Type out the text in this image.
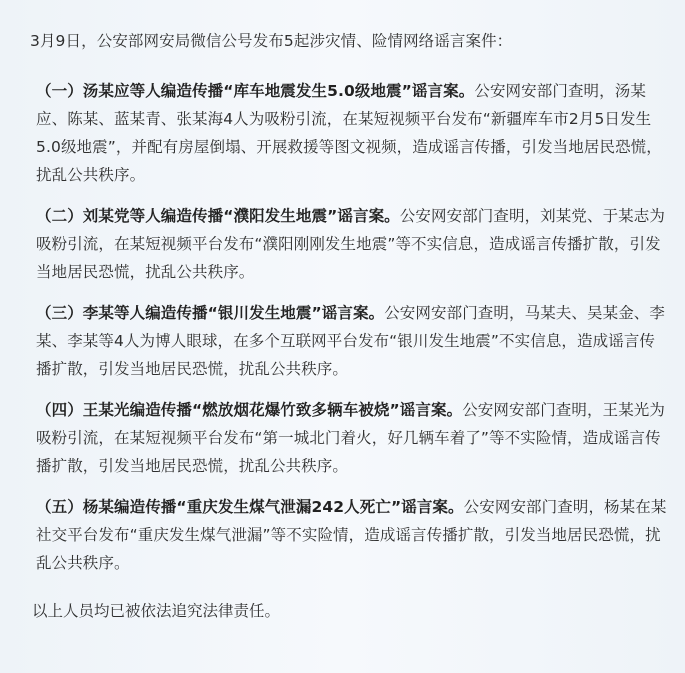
3月9日，公安部网安局微信公号发布5起涉灾情、险情网络谣言案件：

（一）汤某应等人编造传播“库车地震发生5.0级地震”谣言案。公安网安部门查明，汤某应、陈某、蓝某青、张某海4人为吸粉引流，在某短视频平台发布“新疆库车市2月5日发生5.0级地震”，并配有房屋倒塌、开展救援等图文视频，造成谣言传播，引发当地居民恐慌，扰乱公共秩序。

（二）刘某党等人编造传播“濮阳发生地震”谣言案。公安网安部门查明，刘某党、于某志为吸粉引流，在某短视频平台发布“濮阳刚刚发生地震”等不实信息，造成谣言传播扩散，引发当地居民恐慌，扰乱公共秩序。

（三）李某等人编造传播“银川发生地震”谣言案。公安网安部门查明，马某夫、吴某金、李某、李某等4人为博人眼球，在多个互联网平台发布“银川发生地震”不实信息，造成谣言传播扩散，引发当地居民恐慌，扰乱公共秩序。

（四）王某光编造传播“燃放烟花爆竹致多辆车被烧”谣言案。公安网安部门查明，王某光为吸粉引流，在某短视频平台发布“第一城北门着火，好几辆车着了”等不实险情，造成谣言传播扩散，引发当地居民恐慌，扰乱公共秩序。

（五）杨某编造传播“重庆发生煤气泄漏242人死亡”谣言案。公安网安部门查明，杨某在某社交平台发布“重庆发生煤气泄漏”等不实险情，造成谣言传播扩散，引发当地居民恐慌，扰乱公共秩序。

以上人员均已被依法追究法律责任。
